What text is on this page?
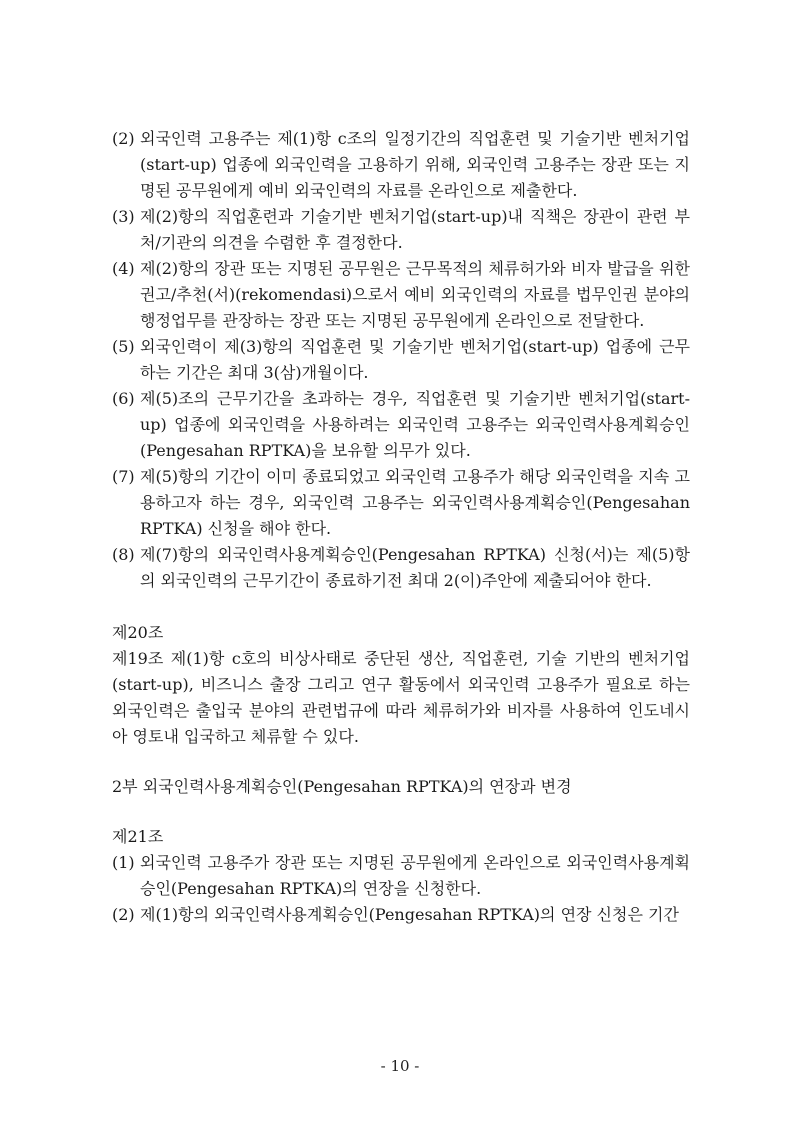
(2) 외국인력 고용주는 제(1)항 c조의 일정기간의 직업훈련 및 기술기반 벤처기업(start-up) 업종에 외국인력을 고용하기 위해, 외국인력 고용주는 장관 또는 지명된 공무원에게 예비 외국인력의 자료를 온라인으로 제출한다.

(3) 제(2)항의 직업훈련과 기술기반 벤처기업(start-up)내 직책은 장관이 관련 부처/기관의 의견을 수렴한 후 결정한다.

(4) 제(2)항의 장관 또는 지명된 공무원은 근무목적의 체류허가와 비자 발급을 위한 권고/추천(서)(rekomendasi)으로서 예비 외국인력의 자료를 법무인권 분야의 행정업무를 관장하는 장관 또는 지명된 공무원에게 온라인으로 전달한다.

(5) 외국인력이 제(3)항의 직업훈련 및 기술기반 벤처기업(start-up) 업종에 근무하는 기간은 최대 3(삼)개월이다.

(6) 제(5)조의 근무기간을 초과하는 경우, 직업훈련 및 기술기반 벤처기업(start-up) 업종에 외국인력을 사용하려는 외국인력 고용주는 외국인력사용계획승인(Pengesahan RPTKA)을 보유할 의무가 있다.

(7) 제(5)항의 기간이 이미 종료되었고 외국인력 고용주가 해당 외국인력을 지속 고용하고자 하는 경우, 외국인력 고용주는 외국인력사용계획승인(Pengesahan RPTKA) 신청을 해야 한다.

(8) 제(7)항의 외국인력사용계획승인(Pengesahan RPTKA) 신청(서)는 제(5)항의 외국인력의 근무기간이 종료하기전 최대 2(이)주안에 제출되어야 한다.

제20조

제19조 제(1)항 c호의 비상사태로 중단된 생산, 직업훈련, 기술 기반의 벤처기업(start-up), 비즈니스 출장 그리고 연구 활동에서 외국인력 고용주가 필요로 하는 외국인력은 출입국 분야의 관련법규에 따라 체류허가와 비자를 사용하여 인도네시아 영토내 입국하고 체류할 수 있다.

2부 외국인력사용계획승인(Pengesahan RPTKA)의 연장과 변경

제21조

(1) 외국인력 고용주가 장관 또는 지명된 공무원에게 온라인으로 외국인력사용계획승인(Pengesahan RPTKA)의 연장을 신청한다.

(2) 제(1)항의 외국인력사용계획승인(Pengesahan RPTKA)의 연장 신청은 기간

- 10 -
